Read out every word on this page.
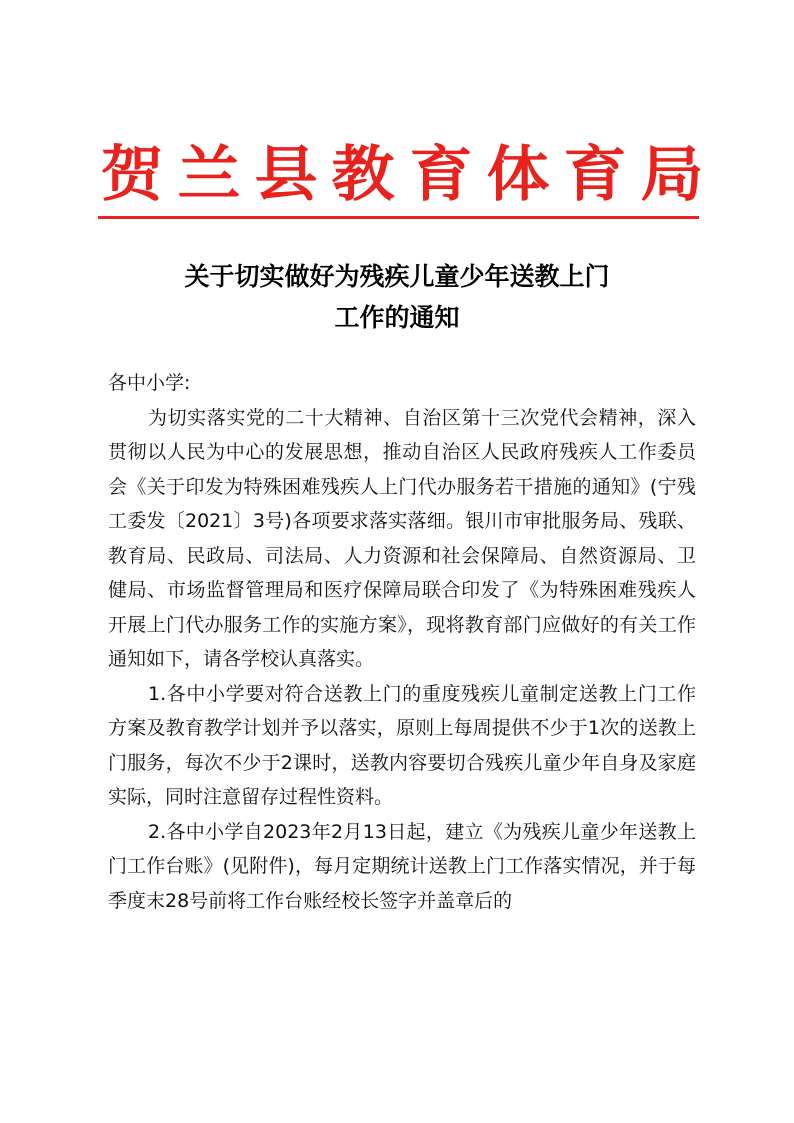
贺 兰 县 教 育 体 育 局
关于切实做好为残疾儿童少年送教上门
工作的通知

各中小学:

为切实落实党的二十大精神、自治区第十三次党代会精神，深入贯彻以人民为中心的发展思想，推动自治区人民政府残疾人工作委员会《关于印发为特殊困难残疾人上门代办服务若干措施的通知》(宁残工委发〔2021〕3号)各项要求落实落细。银川市审批服务局、残联、教育局、民政局、司法局、人力资源和社会保障局、自然资源局、卫健局、市场监督管理局和医疗保障局联合印发了《为特殊困难残疾人开展上门代办服务工作的实施方案》，现将教育部门应做好的有关工作通知如下，请各学校认真落实。

1.各中小学要对符合送教上门的重度残疾儿童制定送教上门工作方案及教育教学计划并予以落实，原则上每周提供不少于1次的送教上门服务，每次不少于2课时，送教内容要切合残疾儿童少年自身及家庭实际，同时注意留存过程性资料。

2.各中小学自2023年2月13日起，建立《为残疾儿童少年送教上门工作台账》(见附件)，每月定期统计送教上门工作落实情况，并于每季度末28号前将工作台账经校长签字并盖章后的
